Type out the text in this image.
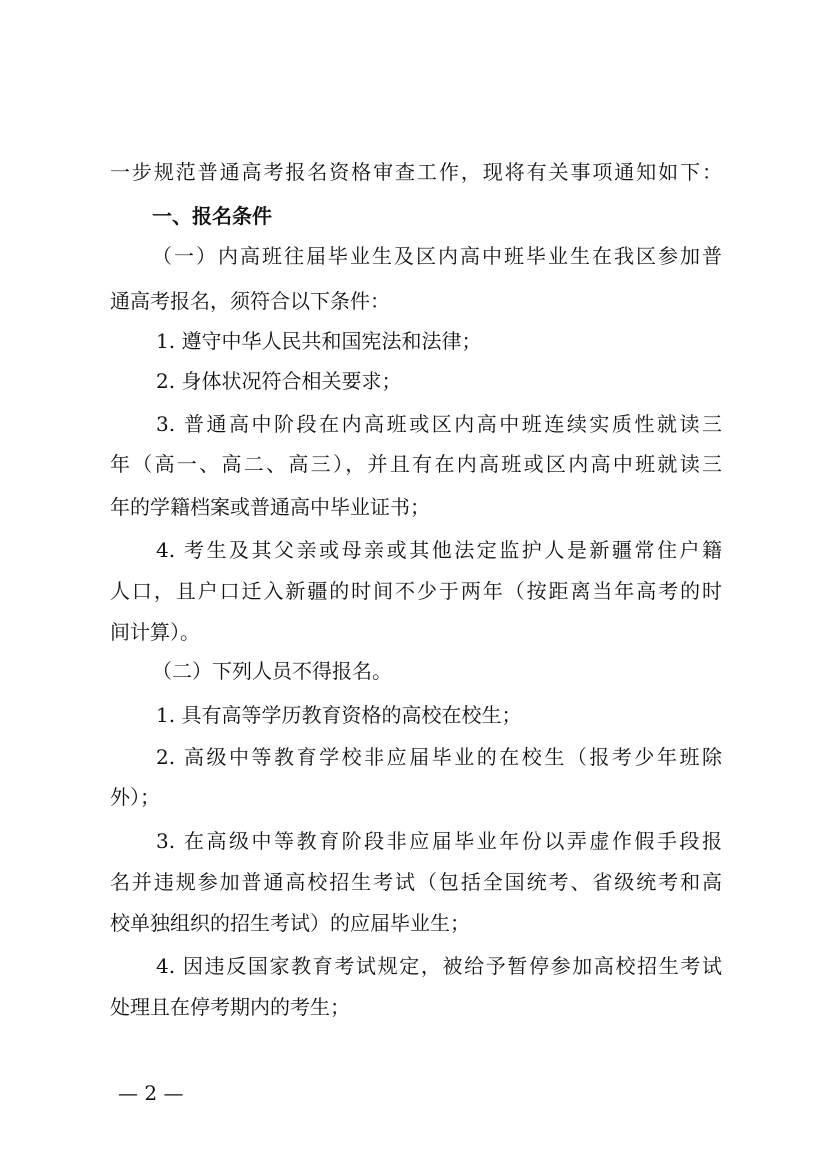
一步规范普通高考报名资格审查工作，现将有关事项通知如下：
一、报名条件
（一）内高班往届毕业生及区内高中班毕业生在我区参加普
通高考报名，须符合以下条件：
1. 遵守中华人民共和国宪法和法律；
2. 身体状况符合相关要求；
3. 普通高中阶段在内高班或区内高中班连续实质性就读三
年（高一、高二、高三），并且有在内高班或区内高中班就读三
年的学籍档案或普通高中毕业证书；
4. 考生及其父亲或母亲或其他法定监护人是新疆常住户籍
人口，且户口迁入新疆的时间不少于两年（按距离当年高考的时
间计算）。
（二）下列人员不得报名。
1. 具有高等学历教育资格的高校在校生；
2. 高级中等教育学校非应届毕业的在校生（报考少年班除
外）；
3. 在高级中等教育阶段非应届毕业年份以弄虚作假手段报
名并违规参加普通高校招生考试（包括全国统考、省级统考和高
校单独组织的招生考试）的应届毕业生；
4. 因违反国家教育考试规定，被给予暂停参加高校招生考试
处理且在停考期内的考生；
— 2 —
